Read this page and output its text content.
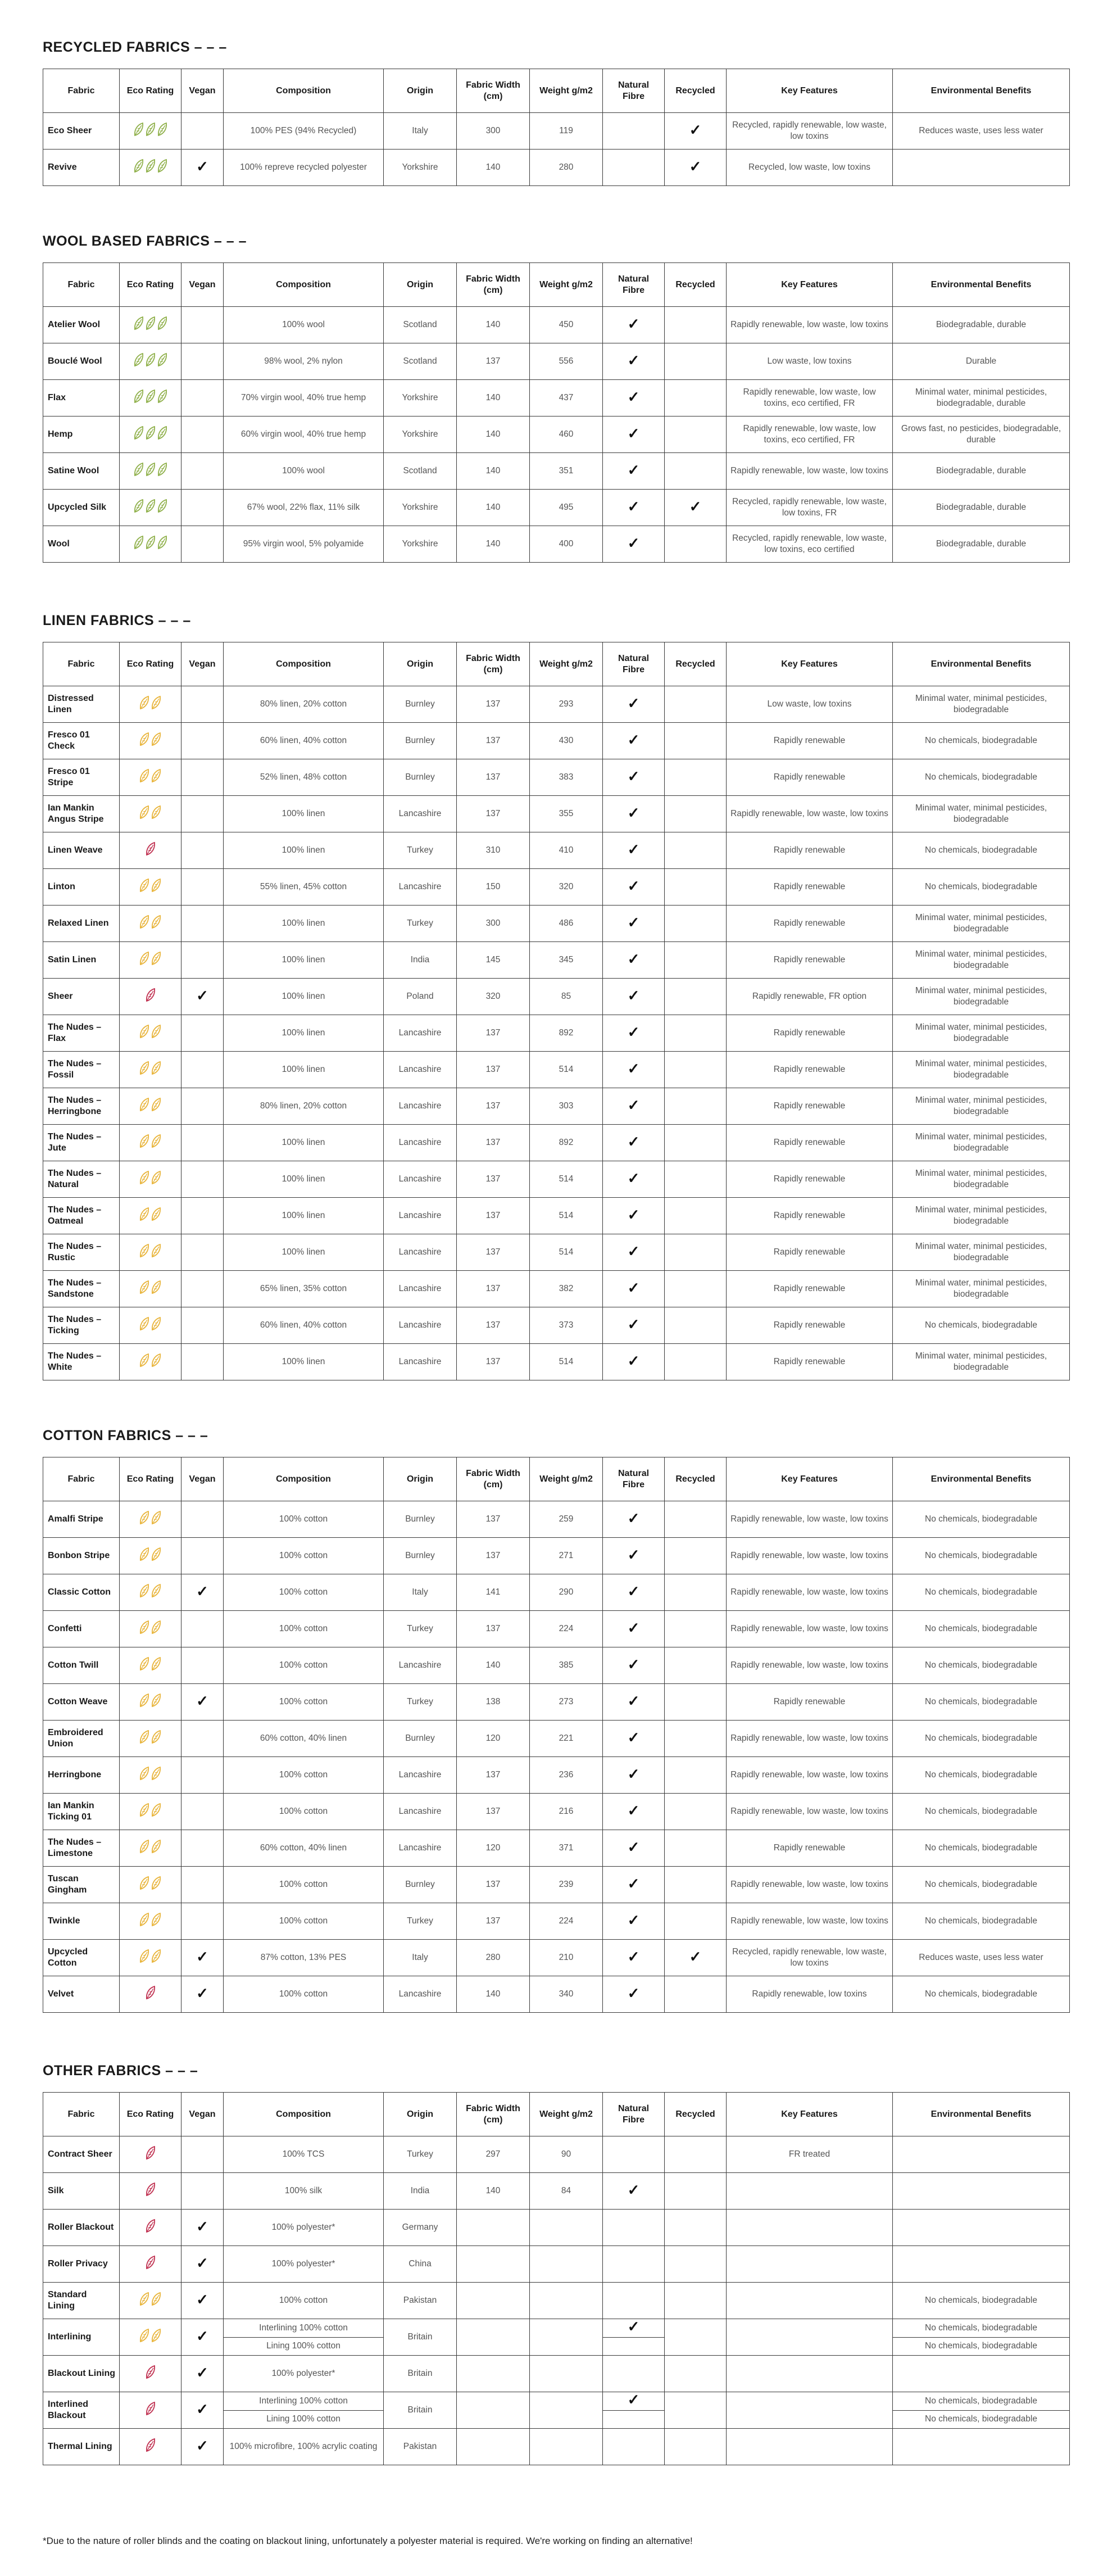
RECYCLED FABRICS – – –
Fabric	Eco Rating	Vegan	Composition	Origin	Fabric Width (cm)	Weight g/m2	Natural Fibre	Recycled	Key Features	Environmental Benefits
Eco Sheer			100% PES (94% Recycled)	Italy	300	119		✓	Recycled, rapidly renewable, low waste, low toxins	Reduces waste, uses less water
Revive		✓	100% repreve recycled polyester	Yorkshire	140	280		✓	Recycled, low waste, low toxins	
WOOL BASED FABRICS – – –
Fabric	Eco Rating	Vegan	Composition	Origin	Fabric Width (cm)	Weight g/m2	Natural Fibre	Recycled	Key Features	Environmental Benefits
Atelier Wool			100% wool	Scotland	140	450	✓		Rapidly renewable, low waste, low toxins	Biodegradable, durable
Bouclé Wool			98% wool, 2% nylon	Scotland	137	556	✓		Low waste, low toxins	Durable
Flax			70% virgin wool, 40% true hemp	Yorkshire	140	437	✓		Rapidly renewable, low waste, low toxins, eco certified, FR	Minimal water, minimal pesticides, biodegradable, durable
Hemp			60% virgin wool, 40% true hemp	Yorkshire	140	460	✓		Rapidly renewable, low waste, low toxins, eco certified, FR	Grows fast, no pesticides, biodegradable, durable
Satine Wool			100% wool	Scotland	140	351	✓		Rapidly renewable, low waste, low toxins	Biodegradable, durable
Upcycled Silk			67% wool, 22% flax, 11% silk	Yorkshire	140	495	✓	✓	Recycled, rapidly renewable, low waste, low toxins, FR	Biodegradable, durable
Wool			95% virgin wool, 5% polyamide	Yorkshire	140	400	✓		Recycled, rapidly renewable, low waste, low toxins, eco certified	Biodegradable, durable
LINEN FABRICS – – –
Fabric	Eco Rating	Vegan	Composition	Origin	Fabric Width (cm)	Weight g/m2	Natural Fibre	Recycled	Key Features	Environmental Benefits
Distressed Linen			80% linen, 20% cotton	Burnley	137	293	✓		Low waste, low toxins	Minimal water, minimal pesticides, biodegradable
Fresco 01 Check			60% linen, 40% cotton	Burnley	137	430	✓		Rapidly renewable	No chemicals, biodegradable
Fresco 01 Stripe			52% linen, 48% cotton	Burnley	137	383	✓		Rapidly renewable	No chemicals, biodegradable
Ian Mankin Angus Stripe			100% linen	Lancashire	137	355	✓		Rapidly renewable, low waste, low toxins	Minimal water, minimal pesticides, biodegradable
Linen Weave			100% linen	Turkey	310	410	✓		Rapidly renewable	No chemicals, biodegradable
Linton			55% linen, 45% cotton	Lancashire	150	320	✓		Rapidly renewable	No chemicals, biodegradable
Relaxed Linen			100% linen	Turkey	300	486	✓		Rapidly renewable	Minimal water, minimal pesticides, biodegradable
Satin Linen			100% linen	India	145	345	✓		Rapidly renewable	Minimal water, minimal pesticides, biodegradable
Sheer		✓	100% linen	Poland	320	85	✓		Rapidly renewable, FR option	Minimal water, minimal pesticides, biodegradable
The Nudes – Flax			100% linen	Lancashire	137	892	✓		Rapidly renewable	Minimal water, minimal pesticides, biodegradable
The Nudes – Fossil			100% linen	Lancashire	137	514	✓		Rapidly renewable	Minimal water, minimal pesticides, biodegradable
The Nudes – Herringbone			80% linen, 20% cotton	Lancashire	137	303	✓		Rapidly renewable	Minimal water, minimal pesticides, biodegradable
The Nudes – Jute			100% linen	Lancashire	137	892	✓		Rapidly renewable	Minimal water, minimal pesticides, biodegradable
The Nudes – Natural			100% linen	Lancashire	137	514	✓		Rapidly renewable	Minimal water, minimal pesticides, biodegradable
The Nudes – Oatmeal			100% linen	Lancashire	137	514	✓		Rapidly renewable	Minimal water, minimal pesticides, biodegradable
The Nudes – Rustic			100% linen	Lancashire	137	514	✓		Rapidly renewable	Minimal water, minimal pesticides, biodegradable
The Nudes – Sandstone			65% linen, 35% cotton	Lancashire	137	382	✓		Rapidly renewable	Minimal water, minimal pesticides, biodegradable
The Nudes – Ticking			60% linen, 40% cotton	Lancashire	137	373	✓		Rapidly renewable	No chemicals, biodegradable
The Nudes – White			100% linen	Lancashire	137	514	✓		Rapidly renewable	Minimal water, minimal pesticides, biodegradable
COTTON FABRICS – – –
Fabric	Eco Rating	Vegan	Composition	Origin	Fabric Width (cm)	Weight g/m2	Natural Fibre	Recycled	Key Features	Environmental Benefits
Amalfi Stripe			100% cotton	Burnley	137	259	✓		Rapidly renewable, low waste, low toxins	No chemicals, biodegradable
Bonbon Stripe			100% cotton	Burnley	137	271	✓		Rapidly renewable, low waste, low toxins	No chemicals, biodegradable
Classic Cotton		✓	100% cotton	Italy	141	290	✓		Rapidly renewable, low waste, low toxins	No chemicals, biodegradable
Confetti			100% cotton	Turkey	137	224	✓		Rapidly renewable, low waste, low toxins	No chemicals, biodegradable
Cotton Twill			100% cotton	Lancashire	140	385	✓		Rapidly renewable, low waste, low toxins	No chemicals, biodegradable
Cotton Weave		✓	100% cotton	Turkey	138	273	✓		Rapidly renewable	No chemicals, biodegradable
Embroidered Union			60% cotton, 40% linen	Burnley	120	221	✓		Rapidly renewable, low waste, low toxins	No chemicals, biodegradable
Herringbone			100% cotton	Lancashire	137	236	✓		Rapidly renewable, low waste, low toxins	No chemicals, biodegradable
Ian Mankin Ticking 01			100% cotton	Lancashire	137	216	✓		Rapidly renewable, low waste, low toxins	No chemicals, biodegradable
The Nudes – Limestone			60% cotton, 40% linen	Lancashire	120	371	✓		Rapidly renewable	No chemicals, biodegradable
Tuscan Gingham			100% cotton	Burnley	137	239	✓		Rapidly renewable, low waste, low toxins	No chemicals, biodegradable
Twinkle			100% cotton	Turkey	137	224	✓		Rapidly renewable, low waste, low toxins	No chemicals, biodegradable
Upcycled Cotton		✓	87% cotton, 13% PES	Italy	280	210	✓	✓	Recycled, rapidly renewable, low waste, low toxins	Reduces waste, uses less water
Velvet		✓	100% cotton	Lancashire	140	340	✓		Rapidly renewable, low toxins	No chemicals, biodegradable
OTHER FABRICS – – –
Fabric	Eco Rating	Vegan	Composition	Origin	Fabric Width (cm)	Weight g/m2	Natural Fibre	Recycled	Key Features	Environmental Benefits
Contract Sheer			100% TCS	Turkey	297	90			FR treated	
Silk			100% silk	India	140	84	✓			
Roller Blackout		✓	100% polyester*	Germany						
Roller Privacy		✓	100% polyester*	China						
Standard Lining		✓	100% cotton	Pakistan						No chemicals, biodegradable
Interlining		✓	Interlining 100% cotton	Britain			✓			No chemicals, biodegradable
			Lining 100% cotton							No chemicals, biodegradable
Blackout Lining		✓	100% polyester*	Britain						
Interlined Blackout		✓	Interlining 100% cotton	Britain			✓			No chemicals, biodegradable
			Lining 100% cotton							No chemicals, biodegradable
Thermal Lining		✓	100% microfibre, 100% acrylic coating	Pakistan						
*Due to the nature of roller blinds and the coating on blackout lining, unfortunately a polyester material is required. We're working on finding an alternative!
